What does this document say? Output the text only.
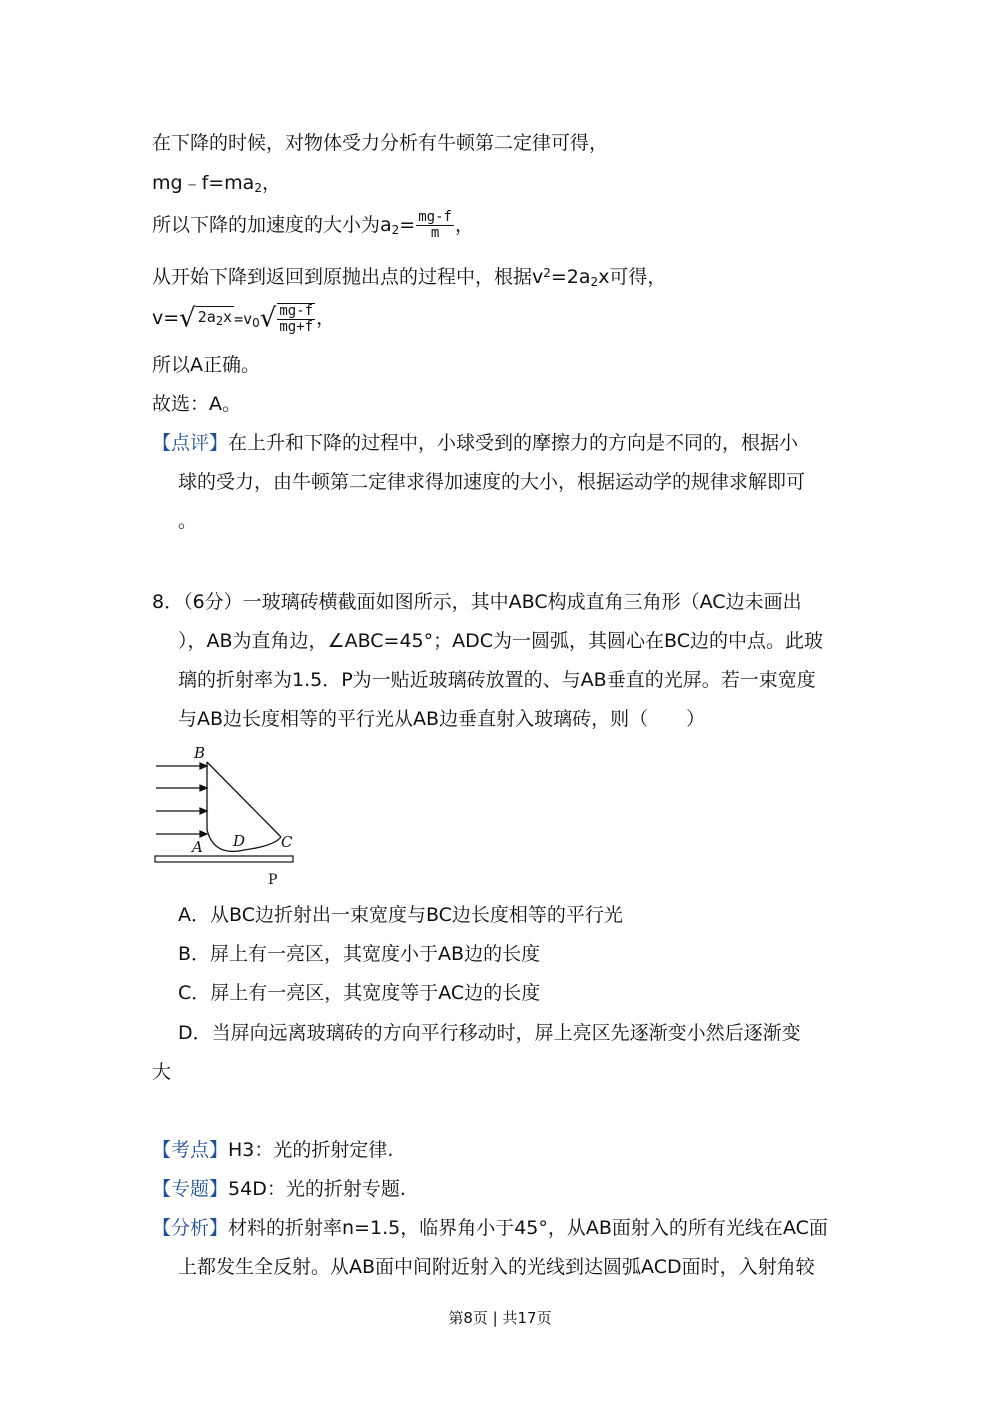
在下降的时候，对物体受力分析有牛顿第二定律可得，
$mg﹣f=ma_2$，
所以下降的加速度的大小为$a_2= \frac{mg-f}{m}$ ，
从开始下降到返回到原抛出点的过程中，根据$v^2=2a_2x$可得，
v=√ $2a_2x =v_0√ \frac{mg-f}{mg+f}$ ，
所以A正确。
故选：A。
【点评】在上升和下降的过程中，小球受到的摩擦力的方向是不同的，根据小
球的受力，由牛顿第二定律求得加速度的大小，根据运动学的规律求解即可
。
8．（6分）一玻璃砖横截面如图所示，其中ABC构成直角三角形（AC边未画出
），AB为直角边，∠ABC=45°；ADC为一圆弧，其圆心在BC边的中点。此玻
璃的折射率为1.5．P为一贴近玻璃砖放置的、与AB垂直的光屏。若一束宽度
与AB边长度相等的平行光从AB边垂直射入玻璃砖，则（　　）
B
A D C
P
A．从BC边折射出一束宽度与BC边长度相等的平行光
B．屏上有一亮区，其宽度小于AB边的长度
C．屏上有一亮区，其宽度等于AC边的长度
D．当屏向远离玻璃砖的方向平行移动时，屏上亮区先逐渐变小然后逐渐变
大
【考点】H3：光的折射定律.
【专题】54D：光的折射专题.
【分析】材料的折射率n=1.5，临界角小于45°，从AB面射入的所有光线在AC面
上都发生全反射。从AB面中间附近射入的光线到达圆弧ACD面时，入射角较
第8页 | 共17页
